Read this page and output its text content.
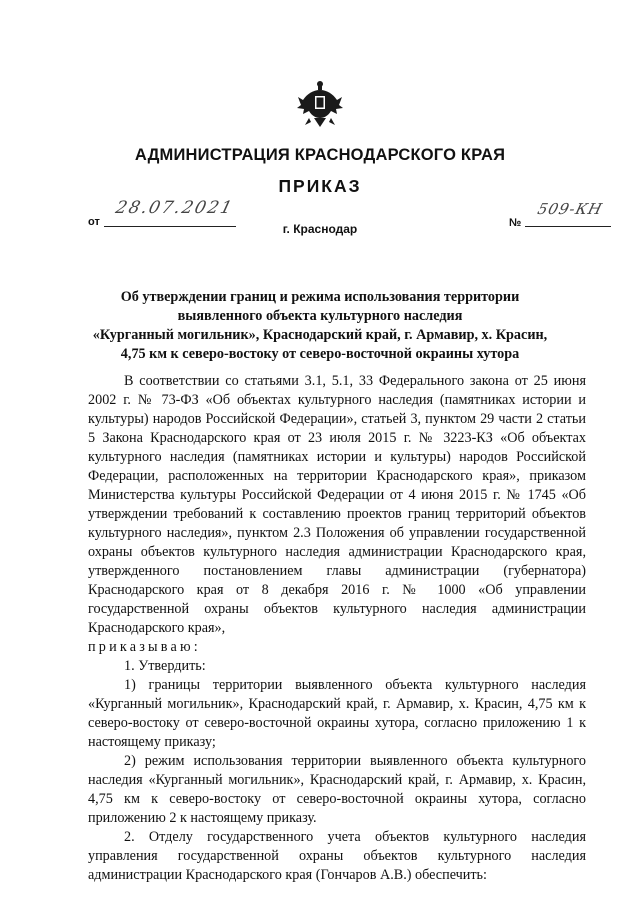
АДМИНИСТРАЦИЯ КРАСНОДАРСКОГО КРАЯ
ПРИКАЗ
от
28.07.2021
№
509-КН
г. Краснодар
Об утверждении границ и режима использования территории
выявленного объекта культурного наследия
«Курганный могильник», Краснодарский край, г. Армавир, х. Красин,
4,75 км к северо-востоку от северо-восточной окраины хутора

В соответствии со статьями 3.1, 5.1, 33 Федерального закона от 25 июня 2002 г. № 73-ФЗ «Об объектах культурного наследия (памятниках истории и культуры) народов Российской Федерации», статьей 3, пунктом 29 части 2 статьи 5 Закона Краснодарского края от 23 июля 2015 г. № 3223-КЗ «Об объектах культурного наследия (памятниках истории и культуры) народов Российской Федерации, расположенных на территории Краснодарского края», приказом Министерства культуры Российской Федерации от 4 июня 2015 г. № 1745 «Об утверждении требований к составлению проектов границ территорий объектов культурного наследия», пунктом 2.3 Положения об управлении государственной охраны объектов культурного наследия администрации Краснодарского края, утвержденного постановлением главы администрации (губернатора) Краснодарского края от 8 декабря 2016 г. № 1000 «Об управлении государственной охраны объектов культурного наследия администрации Краснодарского края»,

приказываю:

1. Утвердить:

1) границы территории выявленного объекта культурного наследия «Курганный могильник», Краснодарский край, г. Армавир, х. Красин, 4,75 км к северо-востоку от северо-восточной окраины хутора, согласно приложению 1 к настоящему приказу;

2) режим использования территории выявленного объекта культурного наследия «Курганный могильник», Краснодарский край, г. Армавир, х. Красин, 4,75 км к северо-востоку от северо-восточной окраины хутора, согласно приложению 2 к настоящему приказу.

2. Отделу государственного учета объектов культурного наследия управления государственной охраны объектов культурного наследия администрации Краснодарского края (Гончаров А.В.) обеспечить:
